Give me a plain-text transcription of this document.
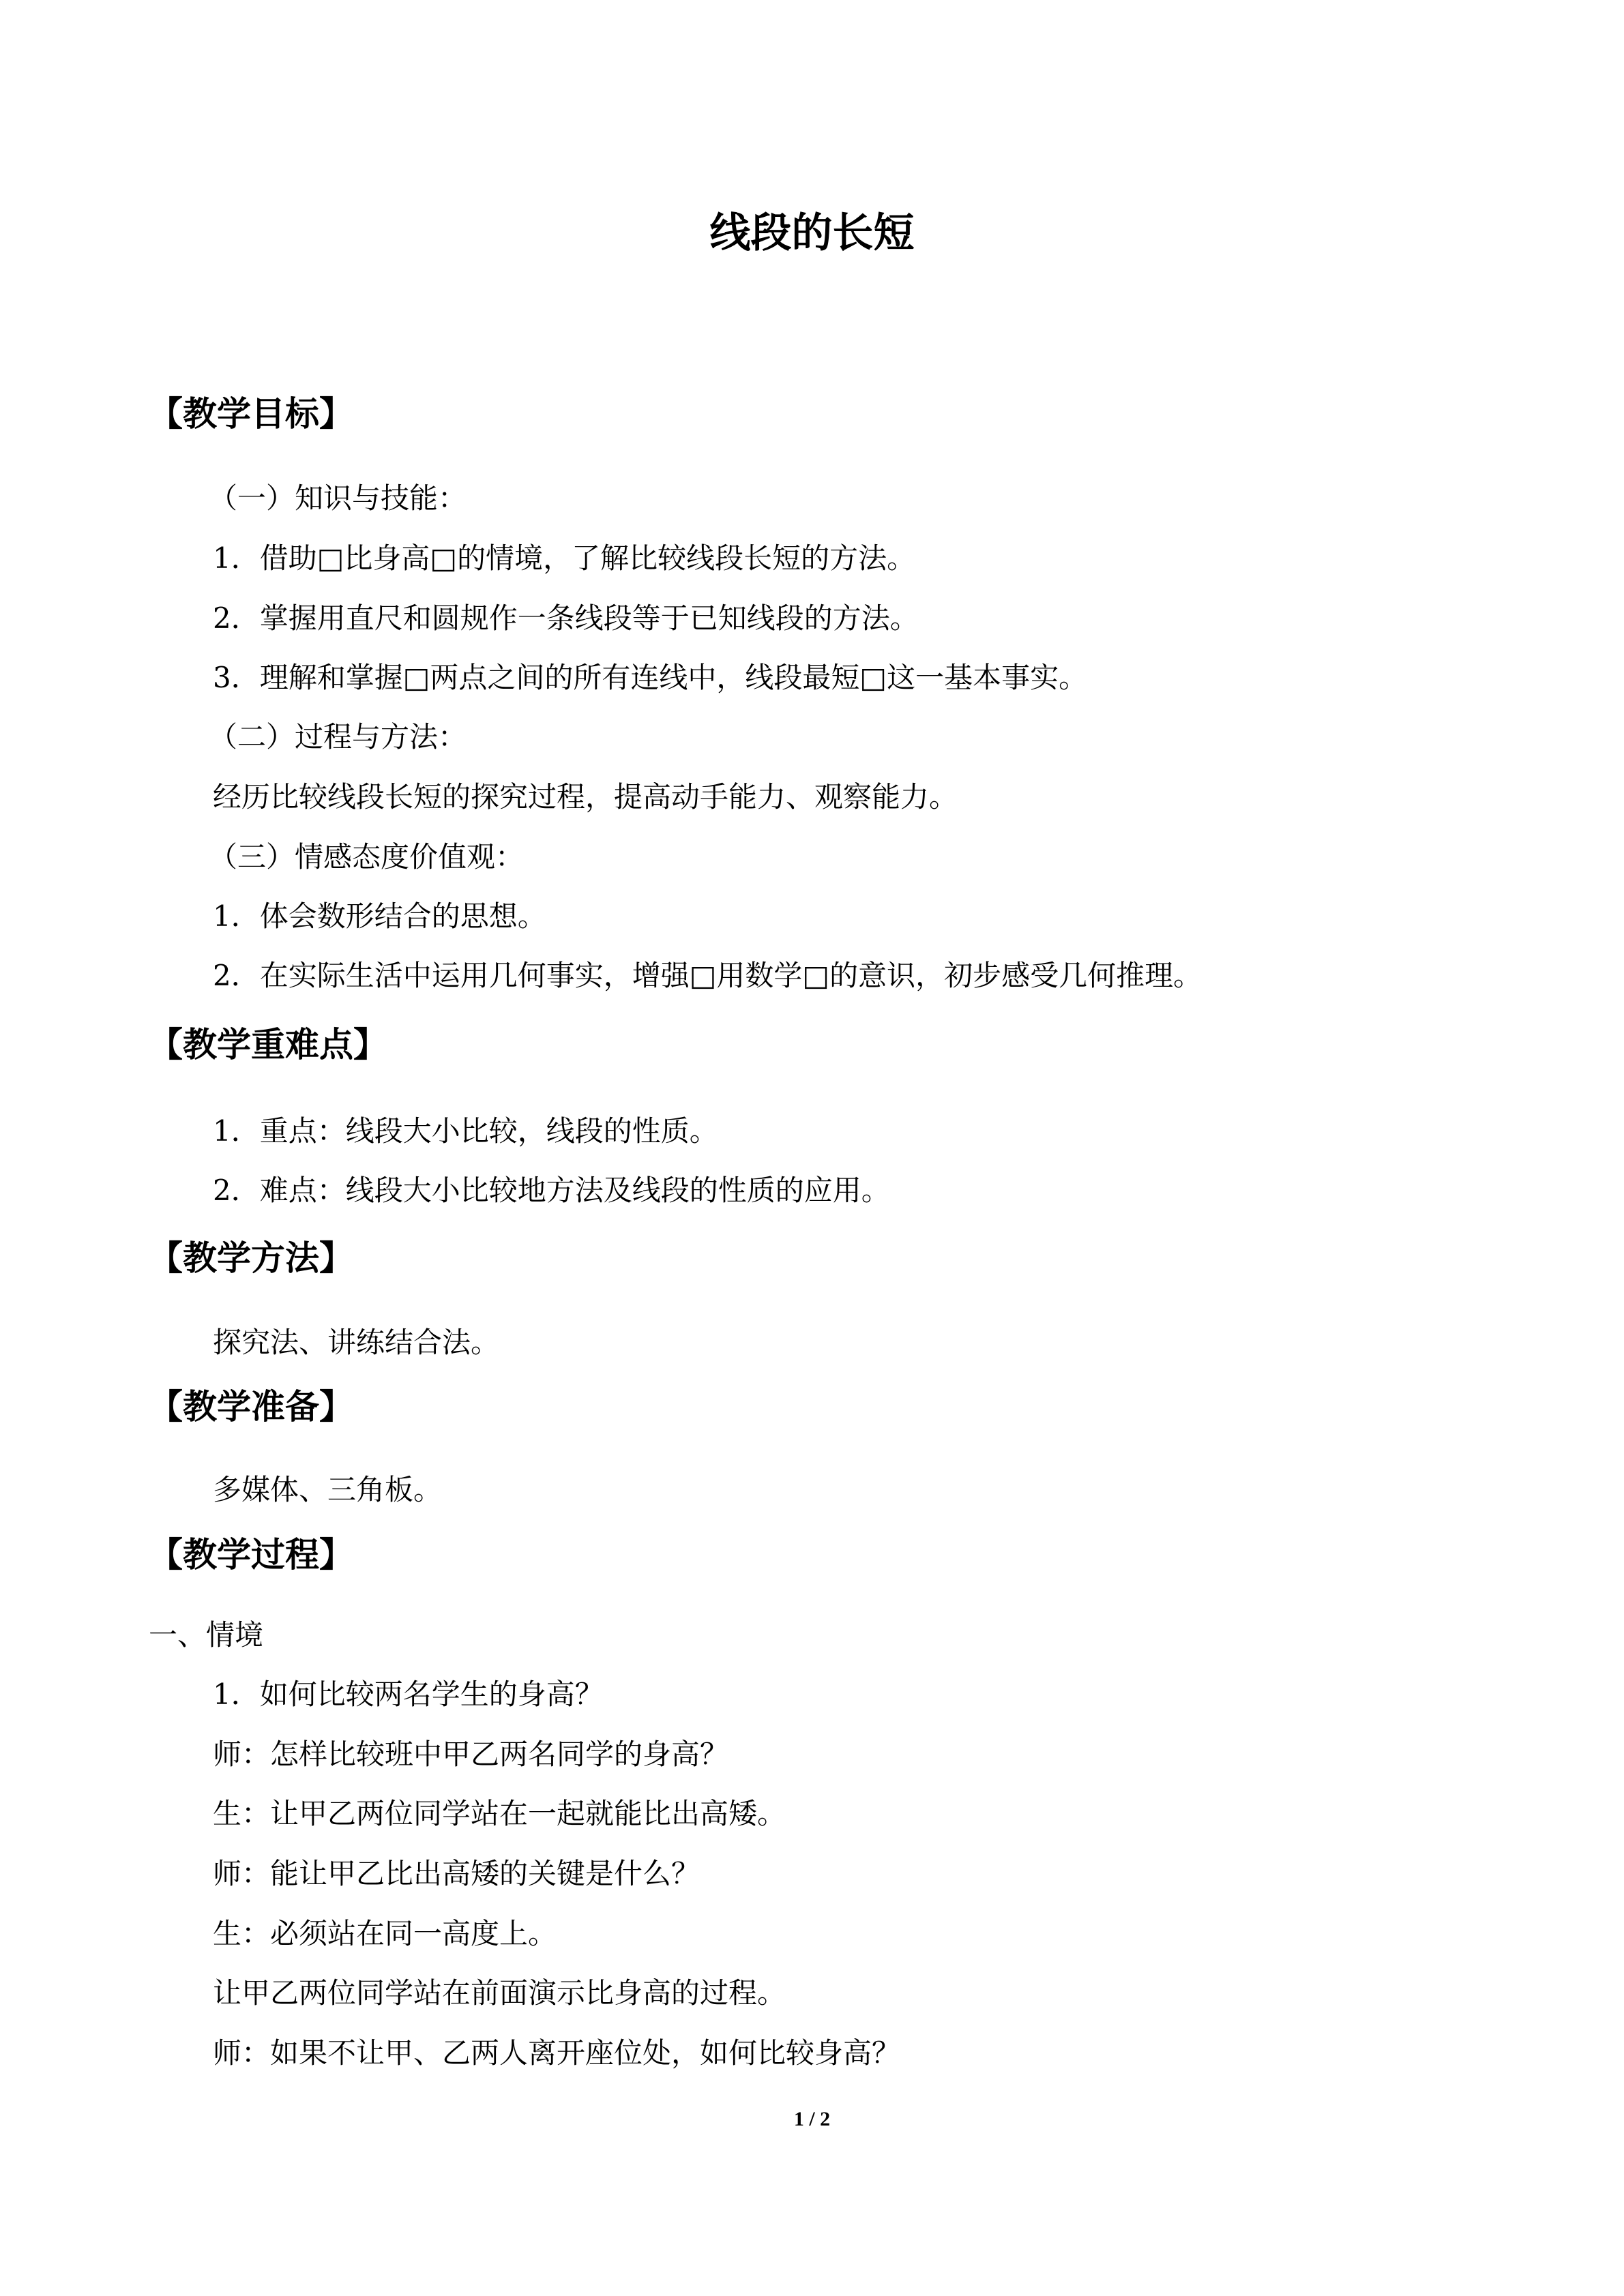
线段的长短
【教学目标】
（一）知识与技能：
1．借助□比身高□的情境，了解比较线段长短的方法。
2．掌握用直尺和圆规作一条线段等于已知线段的方法。
3．理解和掌握□两点之间的所有连线中，线段最短□这一基本事实。
（二）过程与方法：
经历比较线段长短的探究过程，提高动手能力、观察能力。
（三）情感态度价值观：
1．体会数形结合的思想。
2．在实际生活中运用几何事实，增强□用数学□的意识，初步感受几何推理。
【教学重难点】
1．重点：线段大小比较，线段的性质。
2．难点：线段大小比较地方法及线段的性质的应用。
【教学方法】
探究法、讲练结合法。
【教学准备】
多媒体、三角板。
【教学过程】
一、情境
1．如何比较两名学生的身高？
师：怎样比较班中甲乙两名同学的身高？
生：让甲乙两位同学站在一起就能比出高矮。
师：能让甲乙比出高矮的关键是什么？
生：必须站在同一高度上。
让甲乙两位同学站在前面演示比身高的过程。
师：如果不让甲、乙两人离开座位处，如何比较身高？
1 / 2
